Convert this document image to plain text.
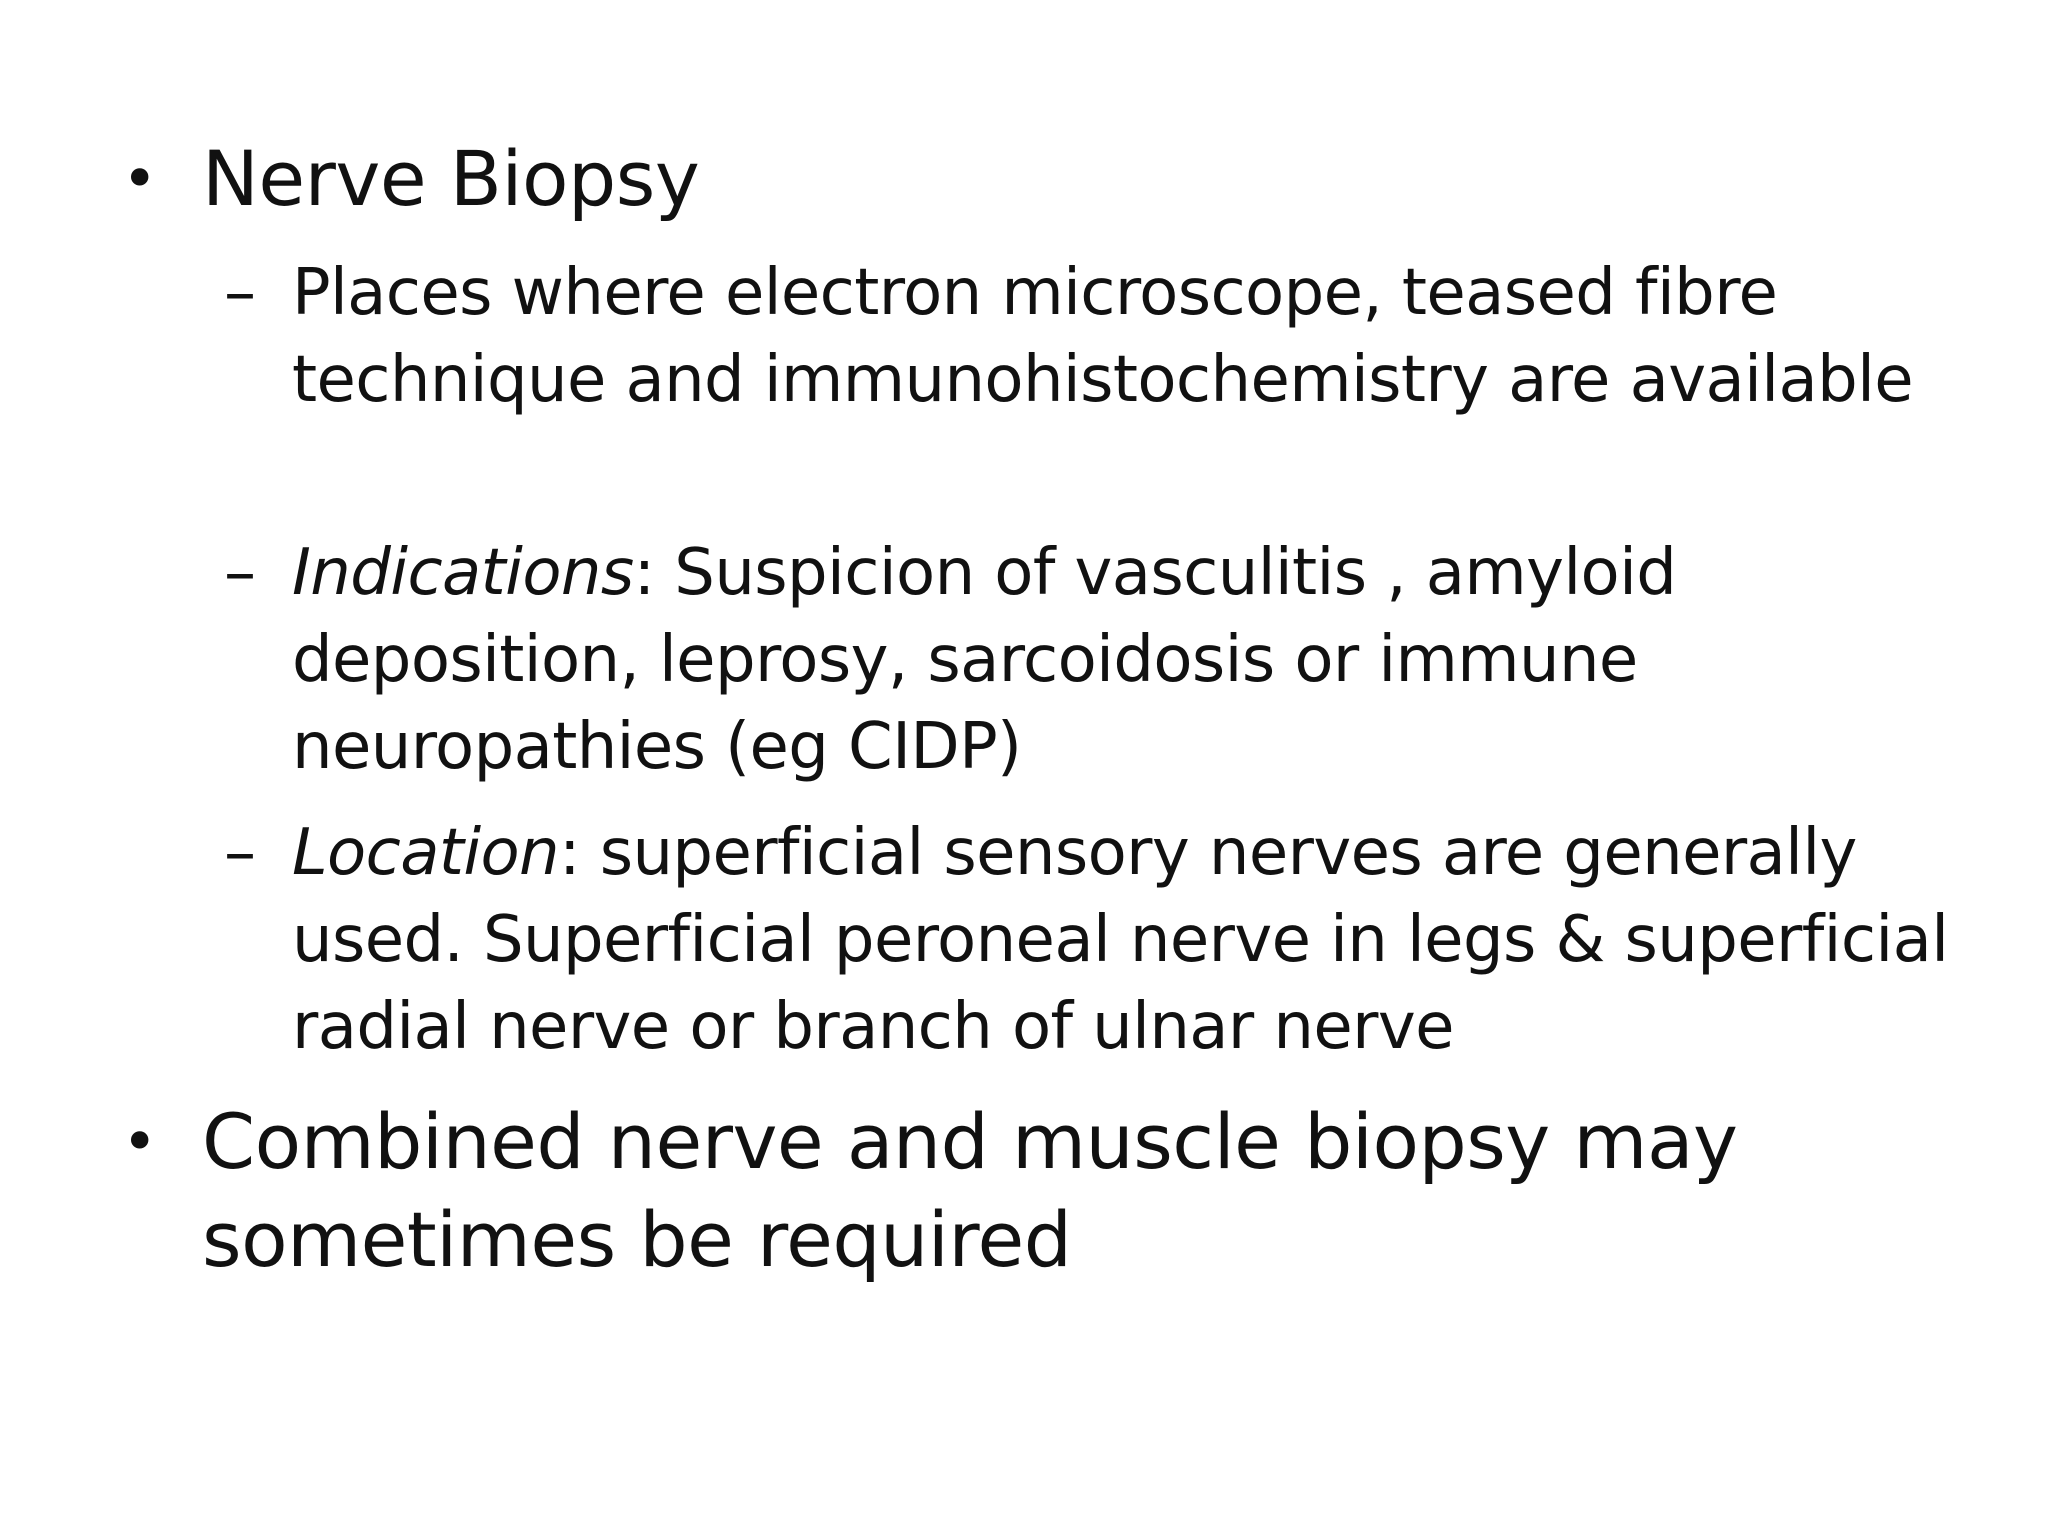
• Nerve Biopsy
– Places where electron microscope, teased fibre technique and immunohistochemistry are available
– Indications: Suspicion of vasculitis , amyloid deposition, leprosy, sarcoidosis or immune neuropathies (eg CIDP)
– Location: superficial sensory nerves are generally used. Superficial peroneal nerve in legs & superficial radial nerve or branch of ulnar nerve
• Combined nerve and muscle biopsy may sometimes be required
